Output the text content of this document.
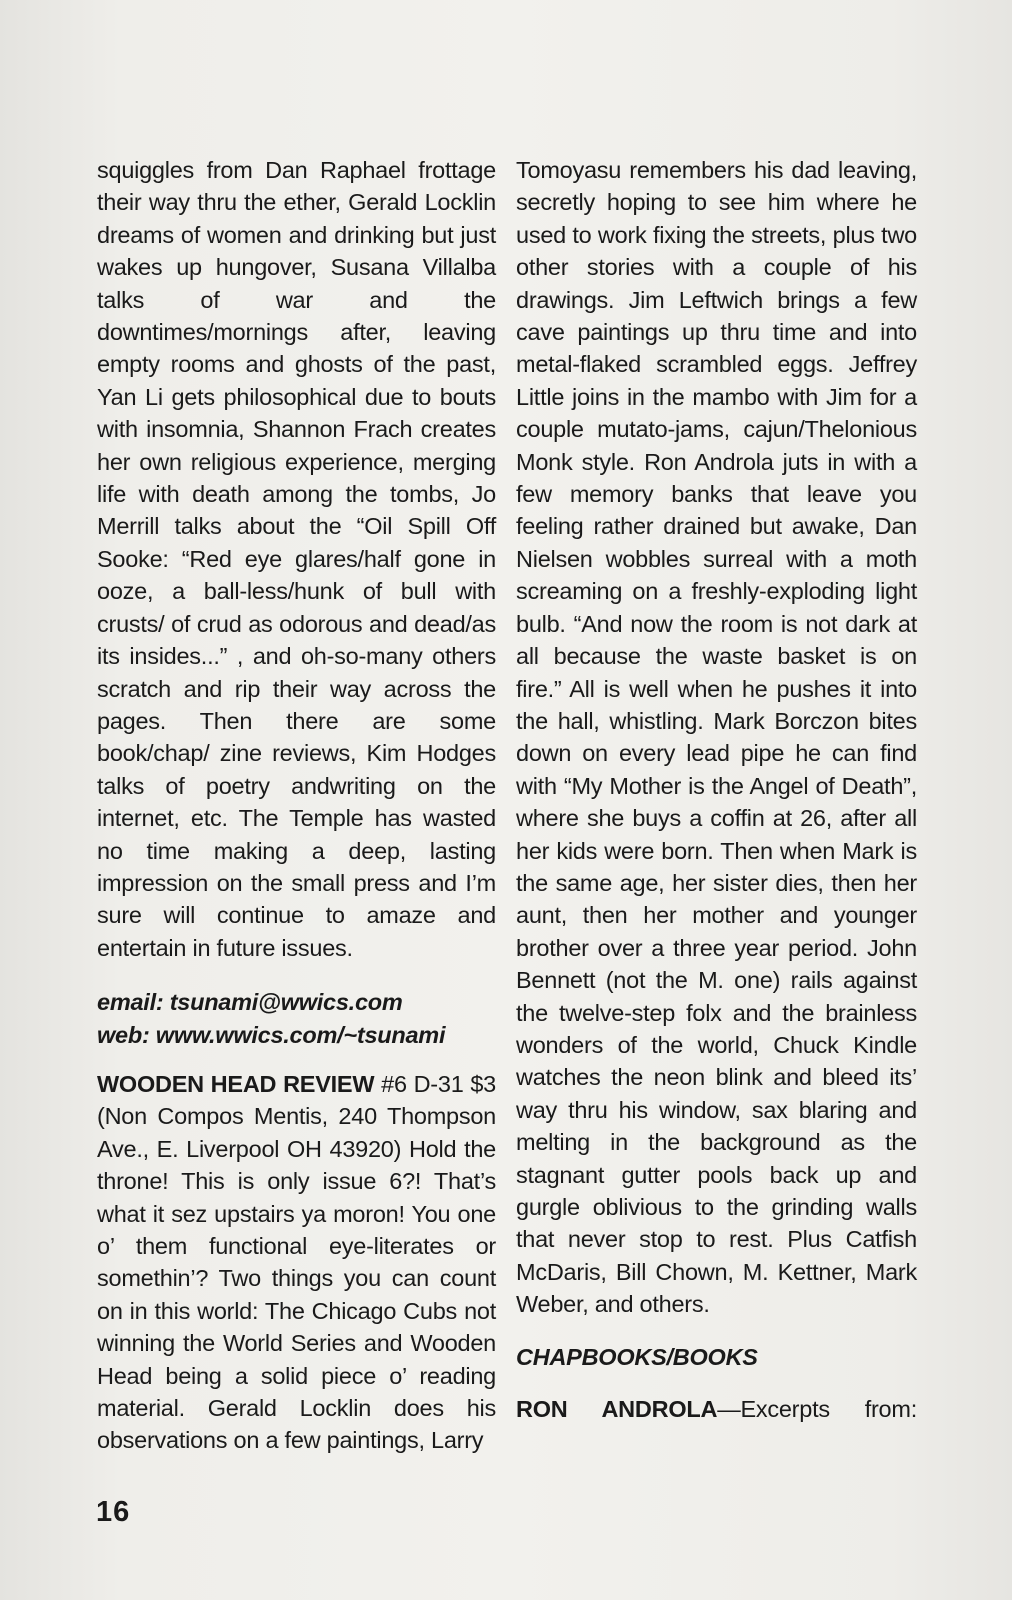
squiggles from Dan Raphael frottage their way thru the ether, Gerald Locklin dreams of women and drinking but just wakes up hungover, Susana Villalba talks of war and the downtimes/mornings after, leaving empty rooms and ghosts of the past, Yan Li gets philosophical due to bouts with insomnia, Shannon Frach creates her own religious experience, merging life with death among the tombs, Jo Merrill talks about the “Oil Spill Off Sooke: “Red eye glares/half gone in ooze, a ball-less/hunk of bull with crusts/ of crud as odorous and dead/as its insides...” , and oh-so-many others scratch and rip their way across the pages. Then there are some book/chap/ zine reviews, Kim Hodges talks of poetry andwriting on the internet, etc. The Temple has wasted no time making a deep, lasting impression on the small press and I’m sure will continue to amaze and entertain in future issues.

email: tsunami@wwics.com

web: www.wwics.com/~tsunami

WOODEN HEAD REVIEW #6 D-31 $3 (Non Compos Mentis, 240 Thompson Ave., E. Liverpool OH 43920) Hold the throne! This is only issue 6?! That’s what it sez upstairs ya moron! You one o’ them functional eye-literates or somethin’? Two things you can count on in this world: The Chicago Cubs not winning the World Series and Wooden Head being a solid piece o’ reading material. Gerald Locklin does his observations on a few paintings, Larry

Tomoyasu remembers his dad leaving, secretly hoping to see him where he used to work fixing the streets, plus two other stories with a couple of his drawings. Jim Leftwich brings a few cave paintings up thru time and into metal-flaked scrambled eggs. Jeffrey Little joins in the mambo with Jim for a couple mutato-jams, cajun/Thelonious Monk style. Ron Androla juts in with a few memory banks that leave you feeling rather drained but awake, Dan Nielsen wobbles surreal with a moth screaming on a freshly-exploding light bulb. “And now the room is not dark at all because the waste basket is on fire.” All is well when he pushes it into the hall, whistling. Mark Borczon bites down on every lead pipe he can find with “My Mother is the Angel of Death”, where she buys a coffin at 26, after all her kids were born. Then when Mark is the same age, her sister dies, then her aunt, then her mother and younger brother over a three year period. John Bennett (not the M. one) rails against the twelve-step folx and the brainless wonders of the world, Chuck Kindle watches the neon blink and bleed its’ way thru his window, sax blaring and melting in the background as the stagnant gutter pools back up and gurgle oblivious to the grinding walls that never stop to rest. Plus Catfish McDaris, Bill Chown, M. Kettner, Mark Weber, and others.

CHAPBOOKS/BOOKS

RON ANDROLA—Excerpts from:

16
